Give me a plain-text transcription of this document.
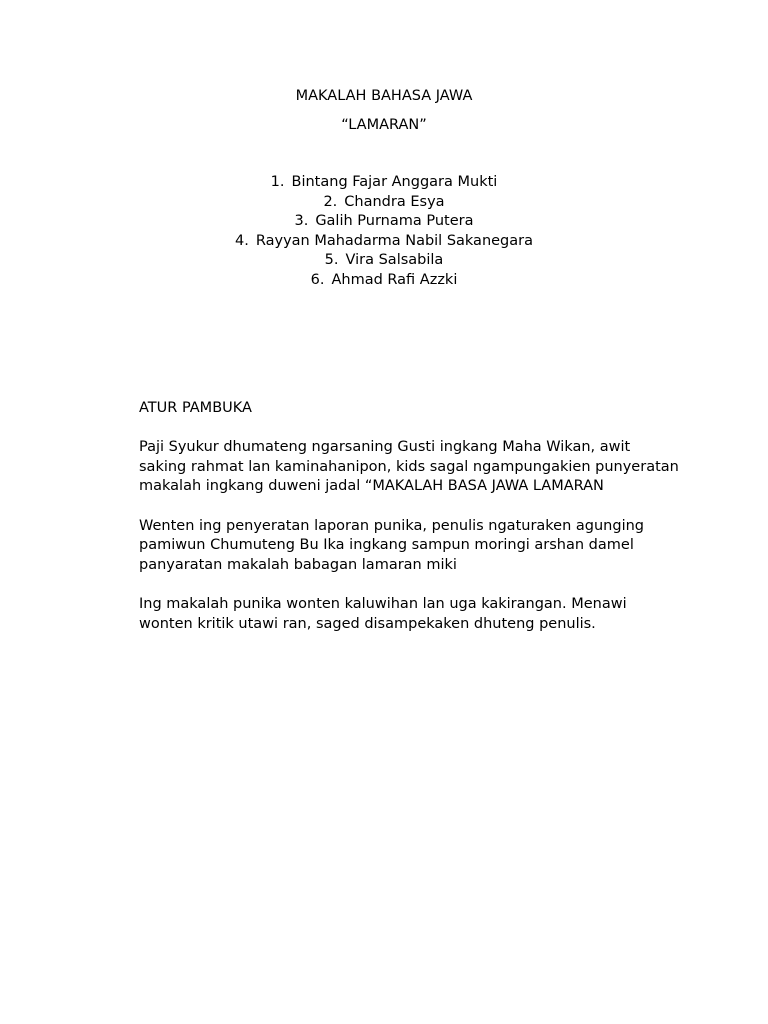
MAKALAH BAHASA JAWA
“LAMARAN”
1. Bintang Fajar Anggara Mukti
2. Chandra Esya
3. Galih Purnama Putera
4. Rayyan Mahadarma Nabil Sakanegara
5. Vira Salsabila
6. Ahmad Rafi Azzki

ATUR PAMBUKA

Paji Syukur dhumateng ngarsaning Gusti ingkang Maha Wikan, awit saking rahmat lan kaminahanipon, kids sagal ngampungakien punyeratan makalah ingkang duweni jadal “MAKALAH BASA JAWA LAMARAN

Wenten ing penyeratan laporan punika, penulis ngaturaken agunging pamiwun Chumuteng Bu Ika ingkang sampun moringi arshan damel panyaratan makalah babagan lamaran miki

Ing makalah punika wonten kaluwihan lan uga kakirangan. Menawi wonten kritik utawi ran, saged disampekaken dhuteng penulis.
